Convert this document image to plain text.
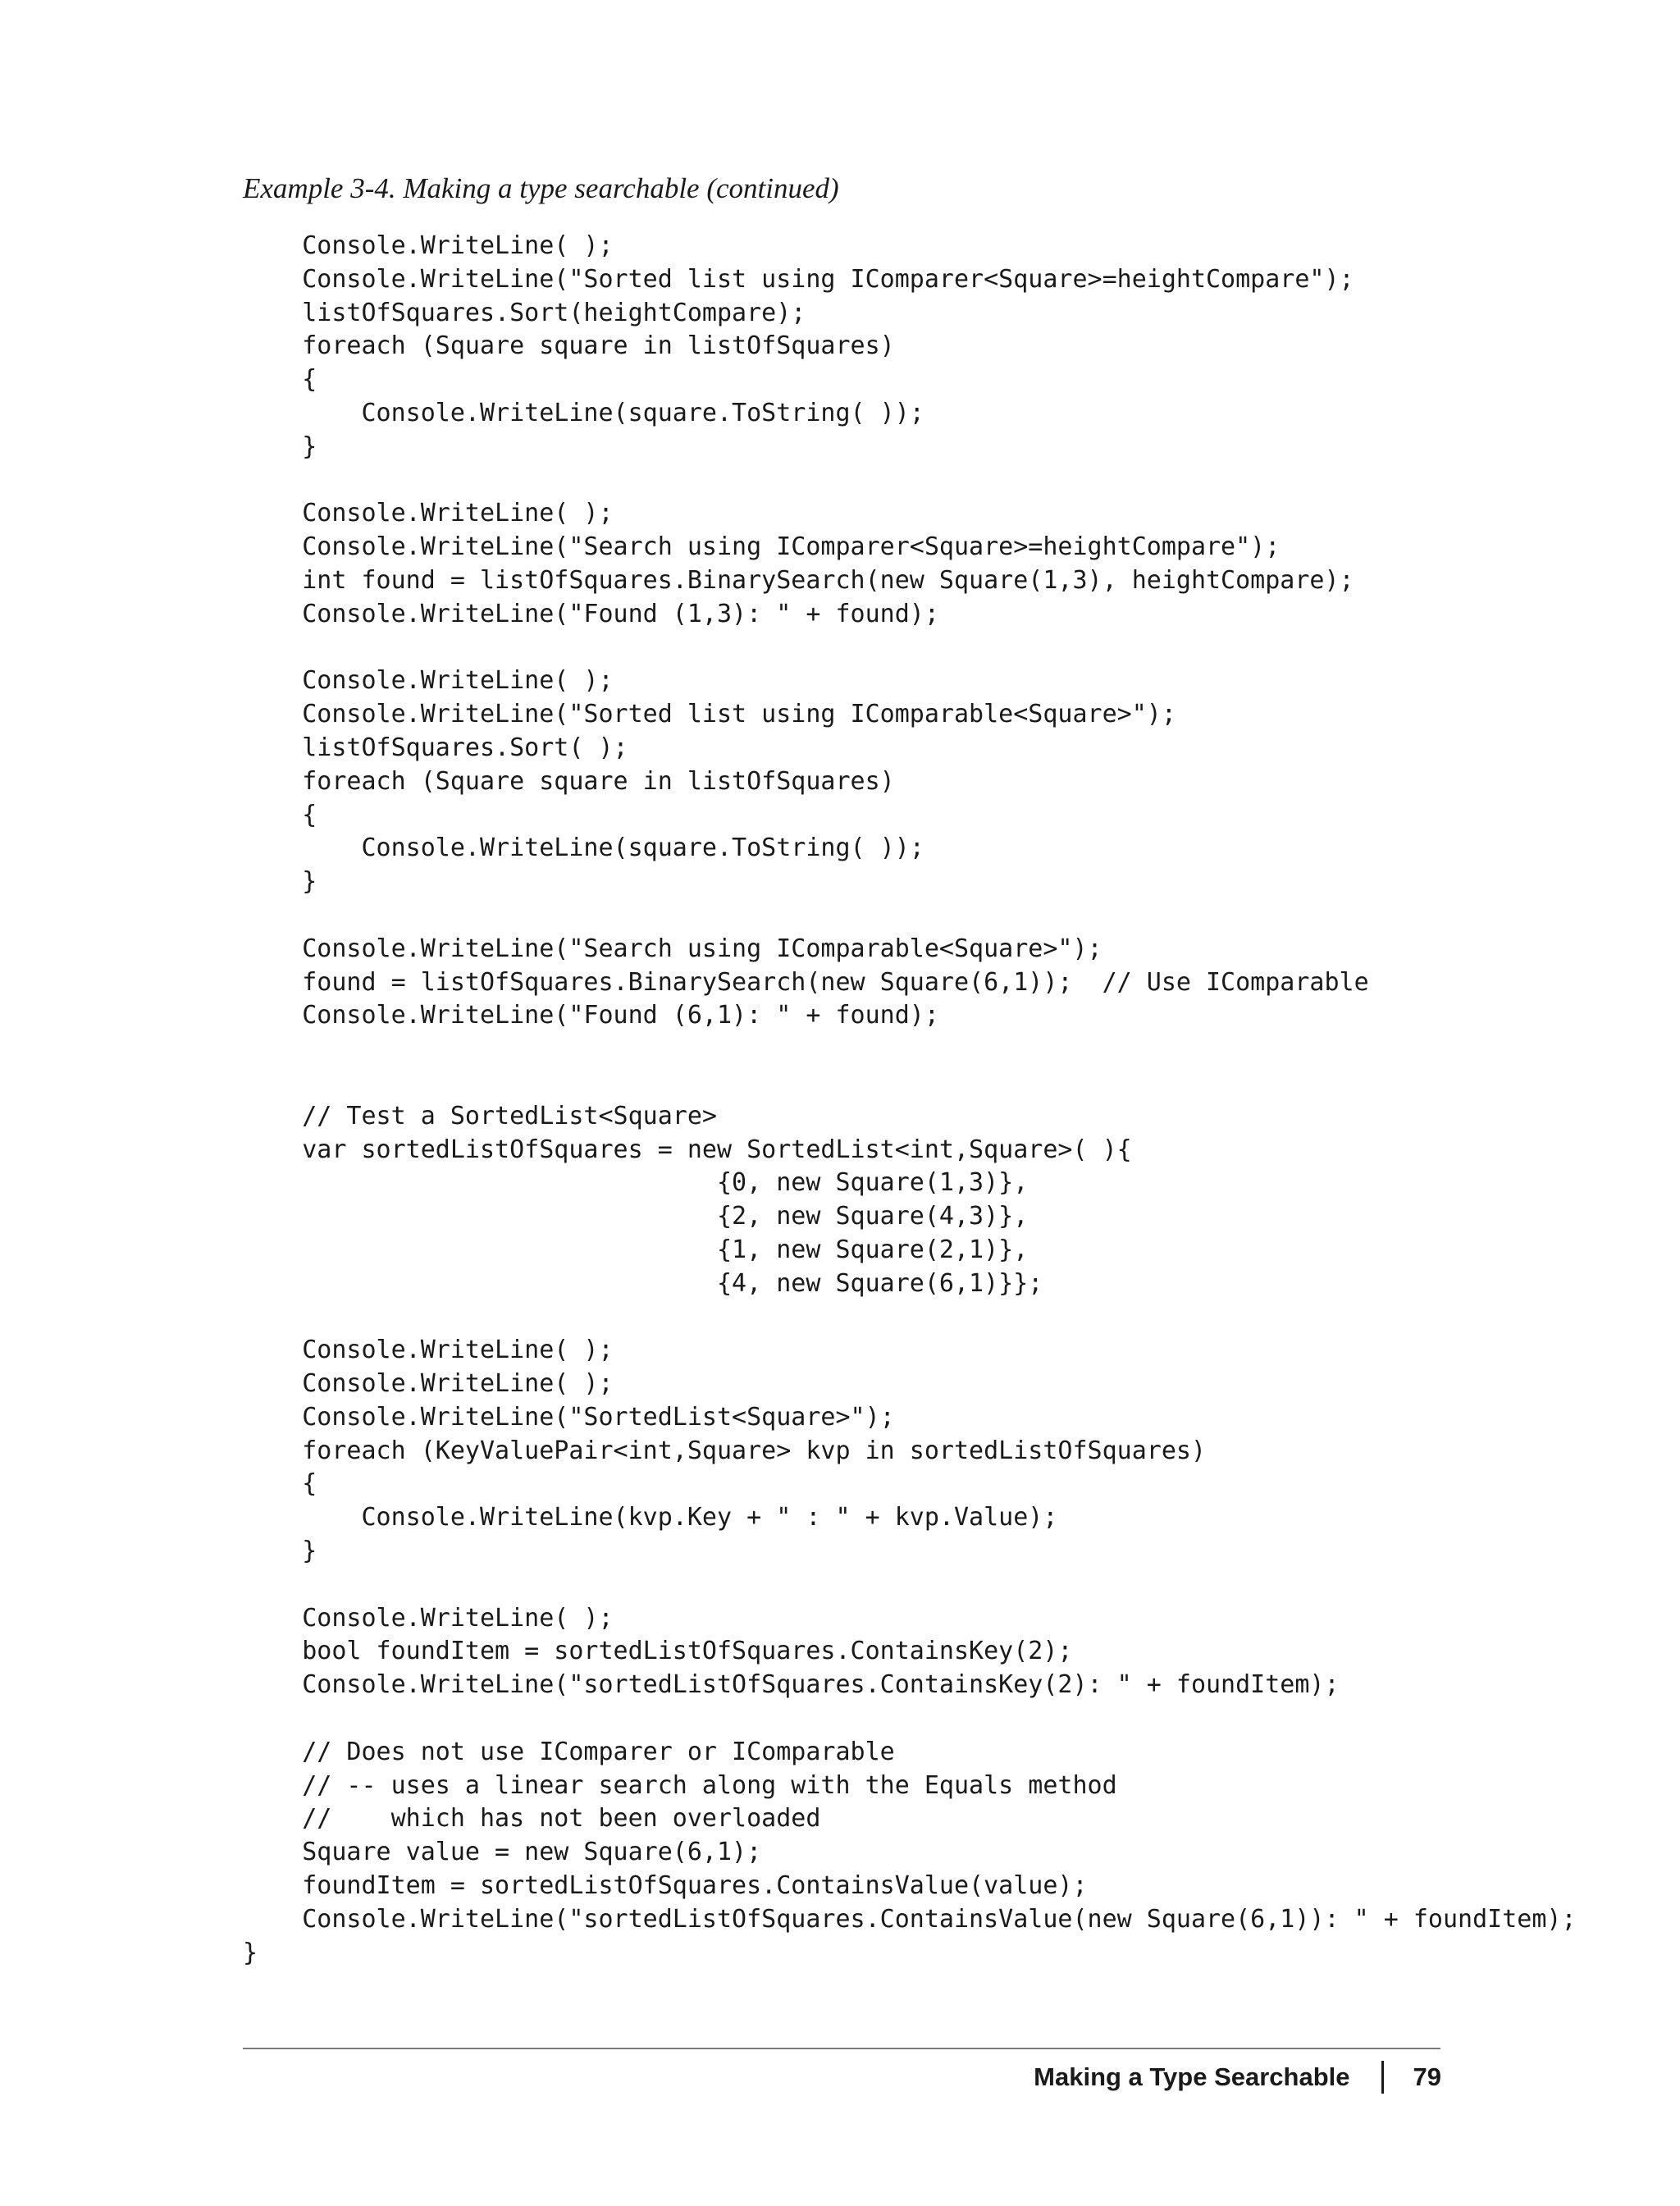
Example 3-4. Making a type searchable (continued)
Console.WriteLine( );
Console.WriteLine("Sorted list using IComparer<Square>=heightCompare");
listOfSquares.Sort(heightCompare);
foreach (Square square in listOfSquares)
{
Console.WriteLine(square.ToString( ));
}
Console.WriteLine( );
Console.WriteLine("Search using IComparer<Square>=heightCompare");
int found = listOfSquares.BinarySearch(new Square(1,3), heightCompare);
Console.WriteLine("Found (1,3): " + found);
Console.WriteLine( );
Console.WriteLine("Sorted list using IComparable<Square>");
listOfSquares.Sort( );
foreach (Square square in listOfSquares)
{
Console.WriteLine(square.ToString( ));
}
Console.WriteLine("Search using IComparable<Square>");
found = listOfSquares.BinarySearch(new Square(6,1));  // Use IComparable
Console.WriteLine("Found (6,1): " + found);
// Test a SortedList<Square>
var sortedListOfSquares = new SortedList<int,Square>( ){
{0, new Square(1,3)},
{2, new Square(4,3)},
{1, new Square(2,1)},
{4, new Square(6,1)}};
Console.WriteLine( );
Console.WriteLine( );
Console.WriteLine("SortedList<Square>");
foreach (KeyValuePair<int,Square> kvp in sortedListOfSquares)
{
Console.WriteLine(kvp.Key + " : " + kvp.Value);
}
Console.WriteLine( );
bool foundItem = sortedListOfSquares.ContainsKey(2);
Console.WriteLine("sortedListOfSquares.ContainsKey(2): " + foundItem);
// Does not use IComparer or IComparable
// -- uses a linear search along with the Equals method
//    which has not been overloaded
Square value = new Square(6,1);
foundItem = sortedListOfSquares.ContainsValue(value);
Console.WriteLine("sortedListOfSquares.ContainsValue(new Square(6,1)): " + foundItem);
}
Making a Type Searchable 79
